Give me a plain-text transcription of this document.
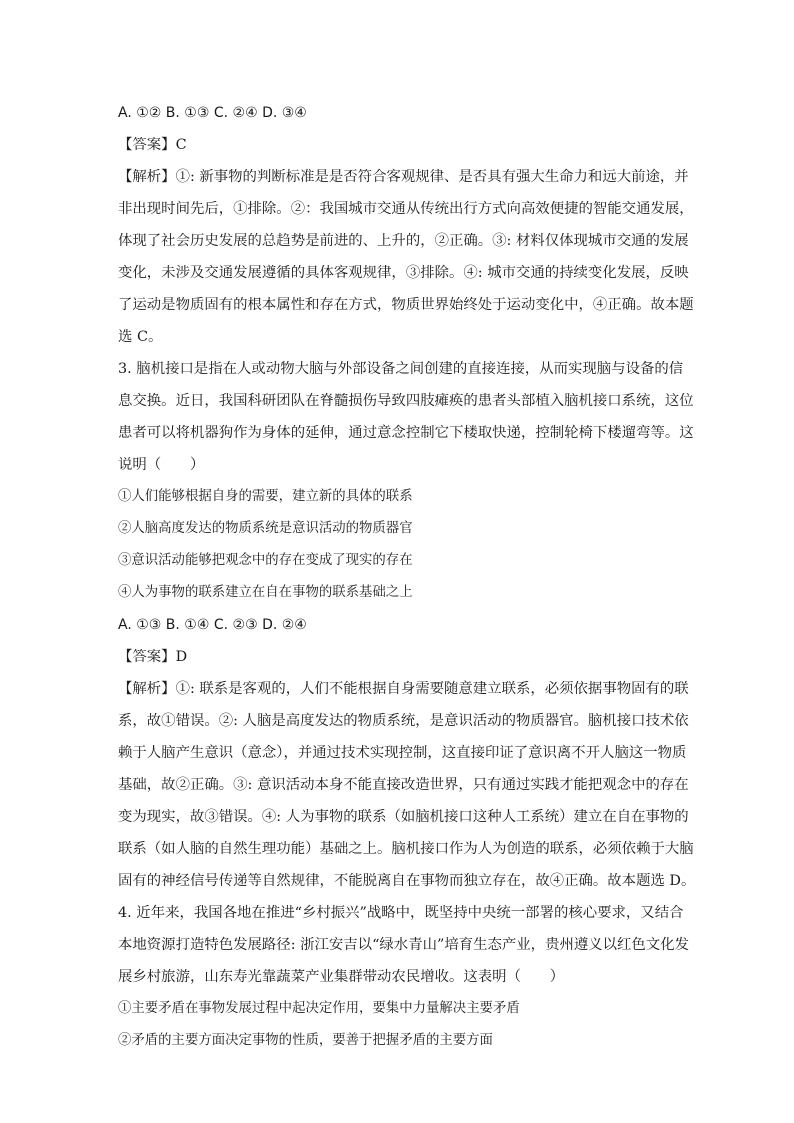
A. ①② B. ①③ C. ②④ D. ③④
【答案】C
【解析】①: 新事物的判断标准是是否符合客观规律、是否具有强大生命力和远大前途，并
非出现时间先后，①排除。②：我国城市交通从传统出行方式向高效便捷的智能交通发展，
体现了社会历史发展的总趋势是前进的、上升的，②正确。③: 材料仅体现城市交通的发展
变化，未涉及交通发展遵循的具体客观规律，③排除。④: 城市交通的持续变化发展，反映
了运动是物质固有的根本属性和存在方式，物质世界始终处于运动变化中，④正确。故本题
选 C。
3. 脑机接口是指在人或动物大脑与外部设备之间创建的直接连接，从而实现脑与设备的信
息交换。近日，我国科研团队在脊髓损伤导致四肢瘫痪的患者头部植入脑机接口系统，这位
患者可以将机器狗作为身体的延伸，通过意念控制它下楼取快递，控制轮椅下楼遛弯等。这
说明（　　）
①人们能够根据自身的需要，建立新的具体的联系
②人脑高度发达的物质系统是意识活动的物质器官
③意识活动能够把观念中的存在变成了现实的存在
④人为事物的联系建立在自在事物的联系基础之上
A. ①③ B. ①④ C. ②③ D. ②④
【答案】D
【解析】①: 联系是客观的，人们不能根据自身需要随意建立联系，必须依据事物固有的联
系，故①错误。②: 人脑是高度发达的物质系统，是意识活动的物质器官。脑机接口技术依
赖于人脑产生意识（意念），并通过技术实现控制，这直接印证了意识离不开人脑这一物质
基础，故②正确。③: 意识活动本身不能直接改造世界，只有通过实践才能把观念中的存在
变为现实，故③错误。④: 人为事物的联系（如脑机接口这种人工系统）建立在自在事物的
联系（如人脑的自然生理功能）基础之上。脑机接口作为人为创造的联系，必须依赖于大脑
固有的神经信号传递等自然规律，不能脱离自在事物而独立存在，故④正确。故本题选 D。
4. 近年来，我国各地在推进“乡村振兴”战略中，既坚持中央统一部署的核心要求，又结合
本地资源打造特色发展路径: 浙江安吉以“绿水青山”培育生态产业，贵州遵义以红色文化发
展乡村旅游，山东寿光靠蔬菜产业集群带动农民增收。这表明（　　）
①主要矛盾在事物发展过程中起决定作用，要集中力量解决主要矛盾
②矛盾的主要方面决定事物的性质，要善于把握矛盾的主要方面
